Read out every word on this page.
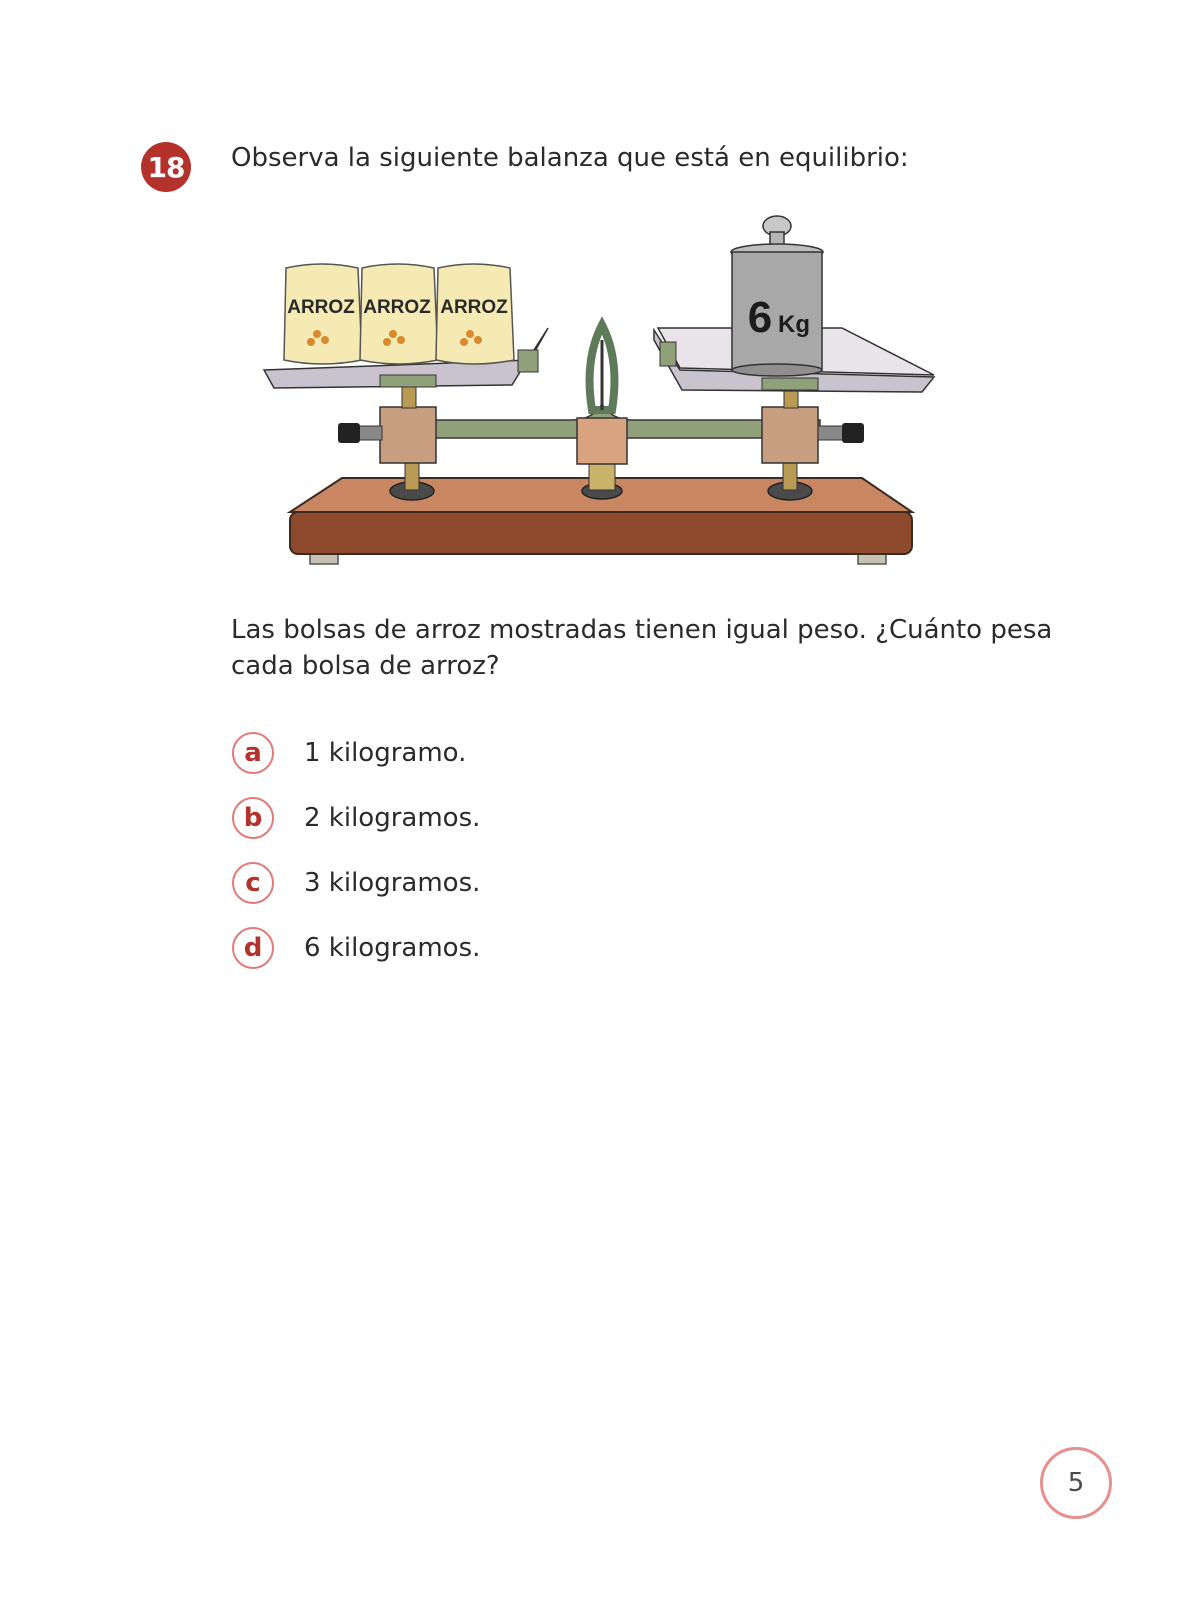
18 Observa la siguiente balanza que está en equilibrio:
ARROZ ARROZ ARROZ	6 Kg
Las bolsas de arroz mostradas tienen igual peso. ¿Cuánto pesa cada bolsa de arroz?
a	1 kilogramo.
b	2 kilogramos.
c	3 kilogramos.
d	6 kilogramos.
5
